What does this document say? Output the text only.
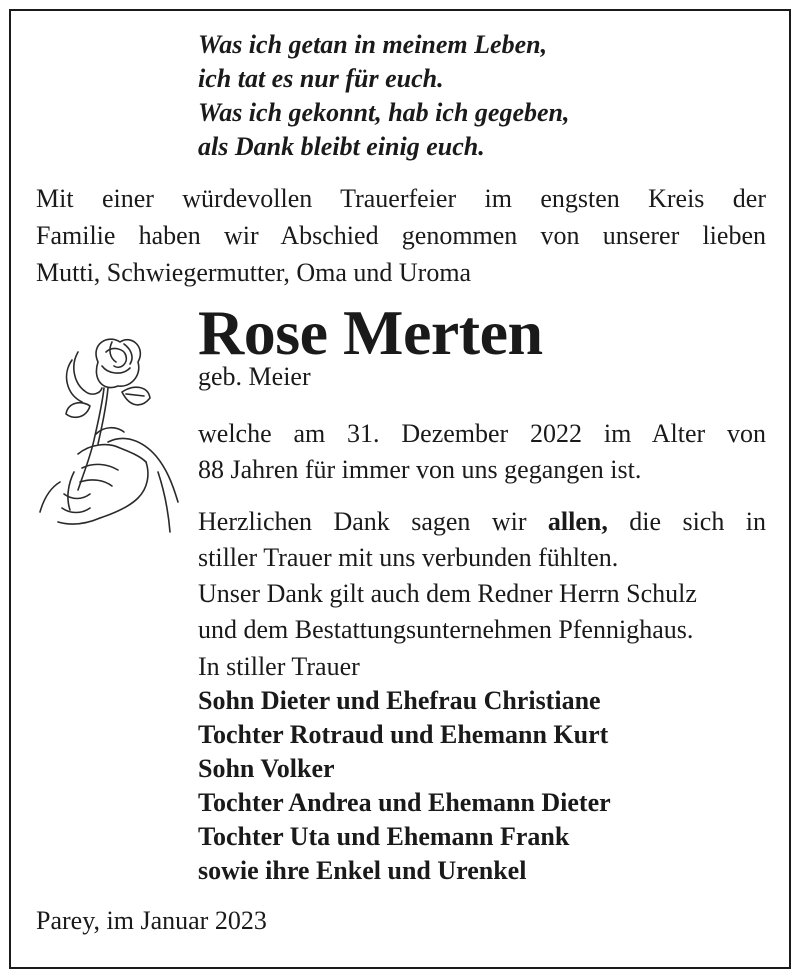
Was ich getan in meinem Leben,
ich tat es nur für euch.
Was ich gekonnt, hab ich gegeben,
als Dank bleibt einig euch.
Mit einer würdevollen Trauerfeier im engsten Kreis der
Familie haben wir Abschied genommen von unserer lieben
Mutti, Schwiegermutter, Oma und Uroma
Rose Merten
geb. Meier
welche am 31. Dezember 2022 im Alter von
88 Jahren für immer von uns gegangen ist.
Herzlichen Dank sagen wir allen, die sich in
stiller Trauer mit uns verbunden fühlten.
Unser Dank gilt auch dem Redner Herrn Schulz
und dem Bestattungsunternehmen Pfennighaus.
In stiller Trauer
Sohn Dieter und Ehefrau Christiane
Tochter Rotraud und Ehemann Kurt
Sohn Volker
Tochter Andrea und Ehemann Dieter
Tochter Uta und Ehemann Frank
sowie ihre Enkel und Urenkel
Parey, im Januar 2023
